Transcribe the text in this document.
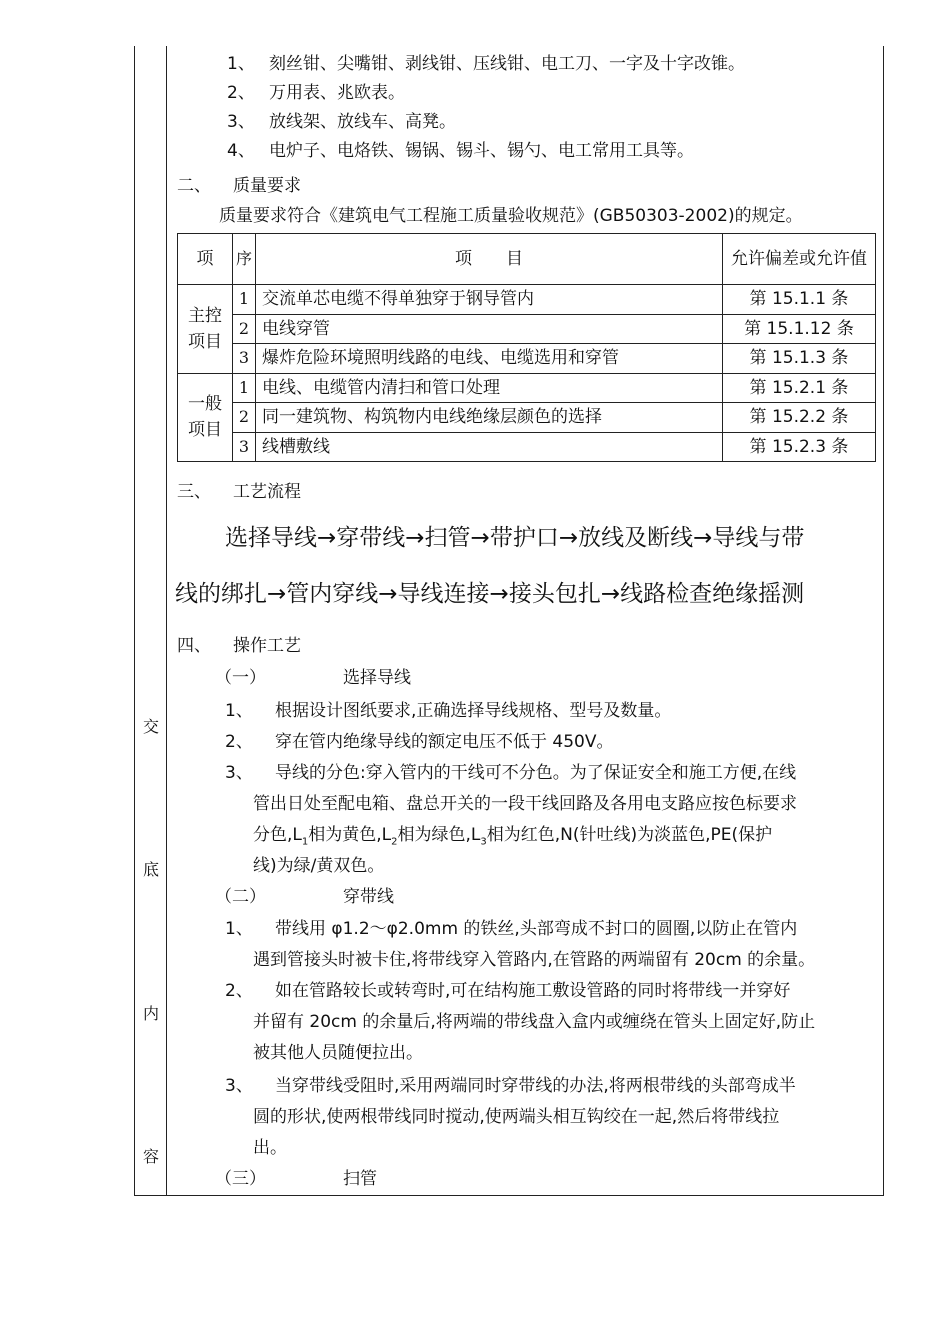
交
底
内
容
1、 刻丝钳、尖嘴钳、剥线钳、压线钳、电工刀、一字及十字改锥。
2、 万用表、兆欧表。
3、 放线架、放线车、高凳。
4、 电炉子、电烙铁、锡锅、锡斗、锡勺、电工常用工具等。
二、 质量要求
质量要求符合《建筑电气工程施工质量验收规范》(GB50303-2002)的规定。
项	序	项　　目	允许偏差或允许值
主控项目	1	交流单芯电缆不得单独穿于钢导管内	第 15.1.1 条
	2	电线穿管	第 15.1.12 条
	3	爆炸危险环境照明线路的电线、电缆选用和穿管	第 15.1.3 条
一般项目	1	电线、电缆管内清扫和管口处理	第 15.2.1 条
	2	同一建筑物、构筑物内电线绝缘层颜色的选择	第 15.2.2 条
	3	线槽敷线	第 15.2.3 条
三、 工艺流程
选择导线→穿带线→扫管→带护口→放线及断线→导线与带
线的绑扎→管内穿线→导线连接→接头包扎→线路检查绝缘摇测
四、 操作工艺
（一）	选择导线
1、 根据设计图纸要求,正确选择导线规格、型号及数量。
2、 穿在管内绝缘导线的额定电压不低于 450V。
3、 导线的分色:穿入管内的干线可不分色。为了保证安全和施工方便,在线
管出日处至配电箱、盘总开关的一段干线回路及各用电支路应按色标要求
分色$,L_1$相为黄色$,L_2$相为绿色$,L_3$相为红色,N(针吐线)为淡蓝色,PE(保护
线)为绿/黄双色。
（二）	穿带线
1、 带线用 φ1.2～φ2.0mm 的铁丝,头部弯成不封口的圆圈,以防止在管内
遇到管接头时被卡住,将带线穿入管路内,在管路的两端留有 20cm 的余量。
2、 如在管路较长或转弯时,可在结构施工敷设管路的同时将带线一并穿好
并留有 20cm 的余量后,将两端的带线盘入盒内或缠绕在管头上固定好,防止
被其他人员随便拉出。
3、 当穿带线受阻时,采用两端同时穿带线的办法,将两根带线的头部弯成半
圆的形状,使两根带线同时搅动,使两端头相互钩绞在一起,然后将带线拉
出。
（三）	扫管
